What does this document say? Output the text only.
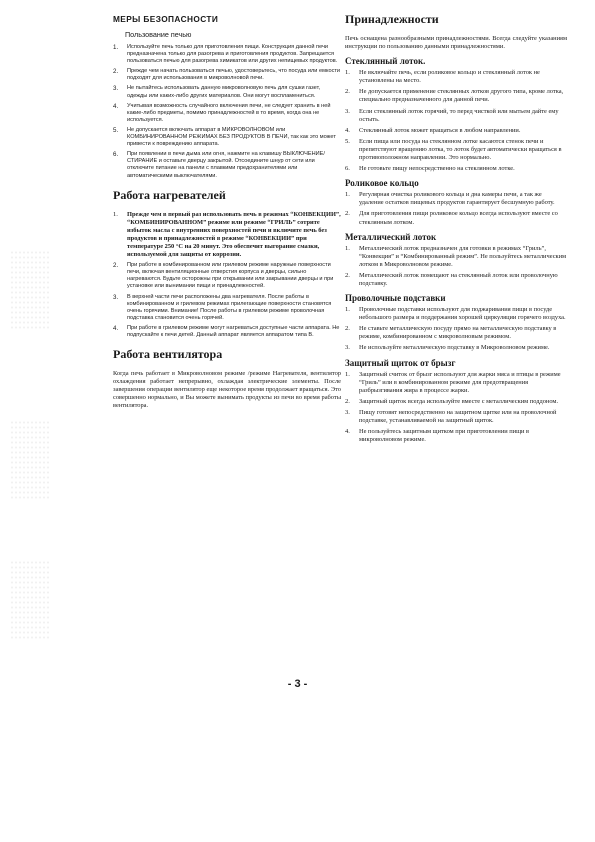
МЕРЫ БЕЗОПАСНОСТИ
Пользование печью
1.	Используйте печь только для приготовления пищи. Конструкция данной печи предназначена только для разогрева и приготовления продуктов. Запрещается пользоваться печью для разогрева химикатов или других непищевых продуктов.
2.	Прежде чем начать пользоваться печью, удостоверьтесь, что посуда или емкости подходят для использования в микроволновой печи.
3.	Не пытайтесь использовать данную микроволновую печь для сушки газет, одежды или каких-либо других материалов. Они могут воспламениться.
4.	Учитывая возможность случайного включения печи, не следует хранить в ней какие-либо предметы, помимо принадлежностей в то время, когда она не используется.
5.	Не допускается включать аппарат в МИКРОВОЛНОВОМ или КОМБИНИРОВАННОМ РЕЖИМАХ БЕЗ ПРОДУКТОВ В ПЕЧИ, так как это может привести к повреждению аппарата.
6.	При появлении в печи дыма или огня, нажмите на клавишу ВЫКЛЮЧЕНИЕ/СТИРАНИЕ и оставьте дверцу закрытой. Отсоедините шнур от сети или отключите питание на панели с плавкими предохранителями или автоматическими выключателями.
Работа нагревателей
1.	Прежде чем в первый раз использовать печь в режимах “КОНВЕКЦИИ”, “КОМБИНИРОВАННОМ” режиме или режиме “ГРИЛЬ” сотрите избыток масла с внутренних поверхностей печи и включите печь без продуктов и принадлежностей в режиме “КОНВЕКЦИИ” при температуре 250 °С на 20 минут. Это обеспечит выгорание смазки, используемой для защиты от коррозии.
2.	При работе в комбинированном или грилевом режиме наружные поверхности печи, включая вентиляционные отверстия корпуса и дверцы, сильно нагреваются. Будьте осторожны при открывании или закрывании дверцы и при установке или вынимании пищи и принадлежностей.
3.	В верхней части печи расположены два нагревателя. После работы в комбинированном и грилевом режимах прилегающие поверхности становятся очень горячими. Внимание! После работы в грилевом режиме проволочная подставка становится очень горячей.
4.	При работе в грилевом режиме могут нагреваться доступные части аппарата. Не подпускайте к печи детей. Данный аппарат является аппаратом типа В.
Работа вентилятора

Когда печь работает в Микроволновом режиме /режиме Нагревателя, вентилятор охлаждения работает непрерывно, охлаждая электрические элементы. После завершения операции вентилятор еще некоторое время продолжает вращаться. Это совершенно нормально, и Вы можете вынимать продукты из печи во время работы вентилятора.

Принадлежности

Печь оснащена разнообразными принадлежностями. Всегда следуйте указаниям инструкции по пользованию данными принадлежностями.

Стеклянный лоток.
1.	Не включайте печь, если роликовое кольцо и стеклянный лоток не установлены на место.
2.	Не допускается применение стеклянных лотков другого типа, кроме лотка, специально предназначенного для данной печи.
3.	Если стеклянный лоток горячий, то перед чисткой или мытьем дайте ему остыть.
4.	Стеклянный лоток может вращаться в любом направлении.
5.	Если пища или посуда на стеклянном лотке касаются стенок печи и препятствуют вращению лотка, то лоток будет автоматически вращаться в противоположном направлении. Это нормально.
6.	Не готовьте пищу непосредственно на стеклянном лотке.
Роликовое кольцо
1.	Регулярная очистка роликового кольца и дна камеры печи, а так же удаление остатков пищевых продуктов гарантирует бесшумную работу.
2.	Для приготовления пищи роликовое кольцо всегда используют вместе со стеклянным лотком.
Металлический лоток
1.	Металлический лоток предназначен для готовки в режимах “Гриль”, “Конвекция” и “Комбинированный режим”. Не пользуйтесь металлическим лотком в Микроволновом режиме.
2.	Металлический лоток помещают на стеклянный лоток или проволочную подставку.
Проволочные подставки
1.	Проволочные подставки используют для поджаривания пищи в посуде небольшого размера и поддержания хорошей циркуляции горячего воздуха.
2.	Не ставьте металлическую посуду прямо на металлическую подставку в режиме, комбинированном с микроволновым режимом.
3.	Не используйте металлическую подставку в Микроволновом режиме.
Защитный щиток от брызг
1.	Защитный считок от брызг используют для жарки мяса и птицы в режиме “Гриль” или в комбинированном режиме для предотвращения разбрызгивания жира в процессе жарки.
2.	Защитный щиток всегда используйте вместе с металлическим поддоном.
3.	Пищу готовят непосредственно на защитном щитке или на проволочной подставке, устанавливаемой на защитный щиток.
4.	Не пользуйтесь защитным щитком при приготовлении пищи в микроволновом режиме.
- 3 -
